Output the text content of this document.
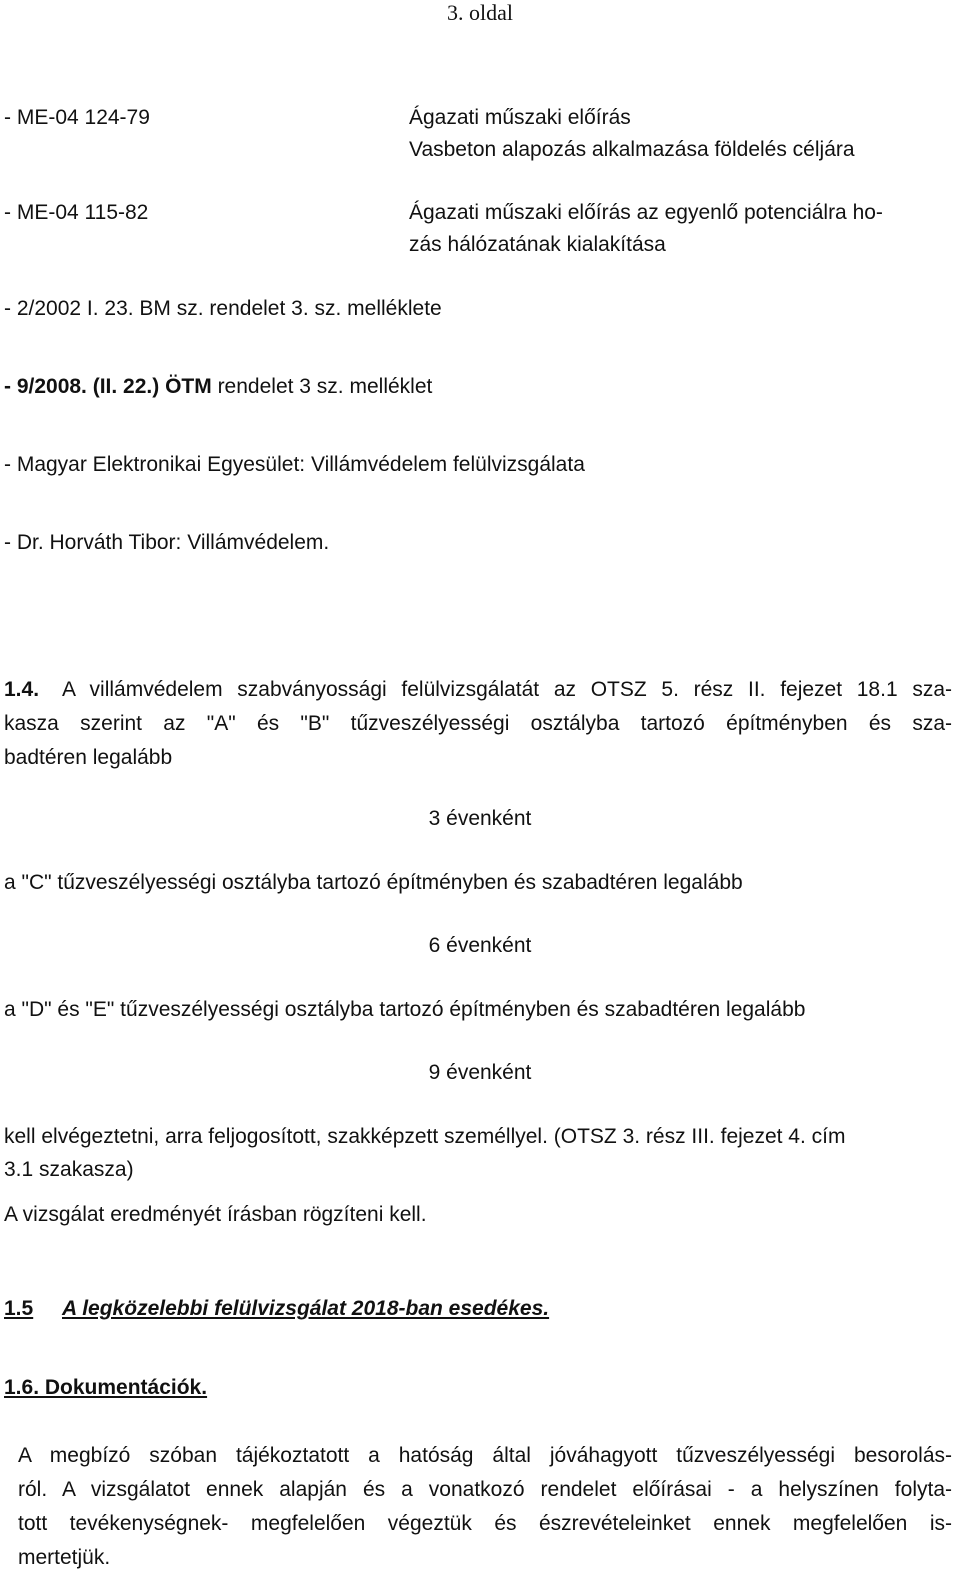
3. oldal
- ME-04 124-79	Ágazati műszaki előírás
Vasbeton alapozás alkalmazása földelés céljára
- ME-04 115-82	Ágazati műszaki előírás az egyenlő potenciálra ho-
zás hálózatának kialakítása
- 2/2002 I. 23. BM sz. rendelet 3. sz. melléklete
- 9/2008. (II. 22.) ÖTM rendelet 3 sz. melléklet
- Magyar Elektronikai Egyesület: Villámvédelem felülvizsgálata
- Dr. Horváth Tibor: Villámvédelem.
1.4. A villámvédelem szabványossági felülvizsgálatát az OTSZ 5. rész II. fejezet 18.1 sza-
kasza szerint az "A" és "B" tűzveszélyességi osztályba tartozó építményben és sza-
badtéren legalább
3 évenként
a "C" tűzveszélyességi osztályba tartozó építményben és szabadtéren legalább
6 évenként
a "D" és "E" tűzveszélyességi osztályba tartozó építményben és szabadtéren legalább
9 évenként
kell elvégeztetni, arra feljogosított, szakképzett személlyel. (OTSZ 3. rész III. fejezet 4. cím
3.1 szakasza)
A vizsgálat eredményét írásban rögzíteni kell.
1.5 A legközelebbi felülvizsgálat 2018-ban esedékes.
1.6. Dokumentációk.
A megbízó szóban tájékoztatott a hatóság által jóváhagyott tűzveszélyességi besorolás-
ról. A vizsgálatot ennek alapján és a vonatkozó rendelet előírásai - a helyszínen folyta-
tott tevékenységnek- megfelelően végeztük és észrevételeinket ennek megfelelően is-
mertetjük.
